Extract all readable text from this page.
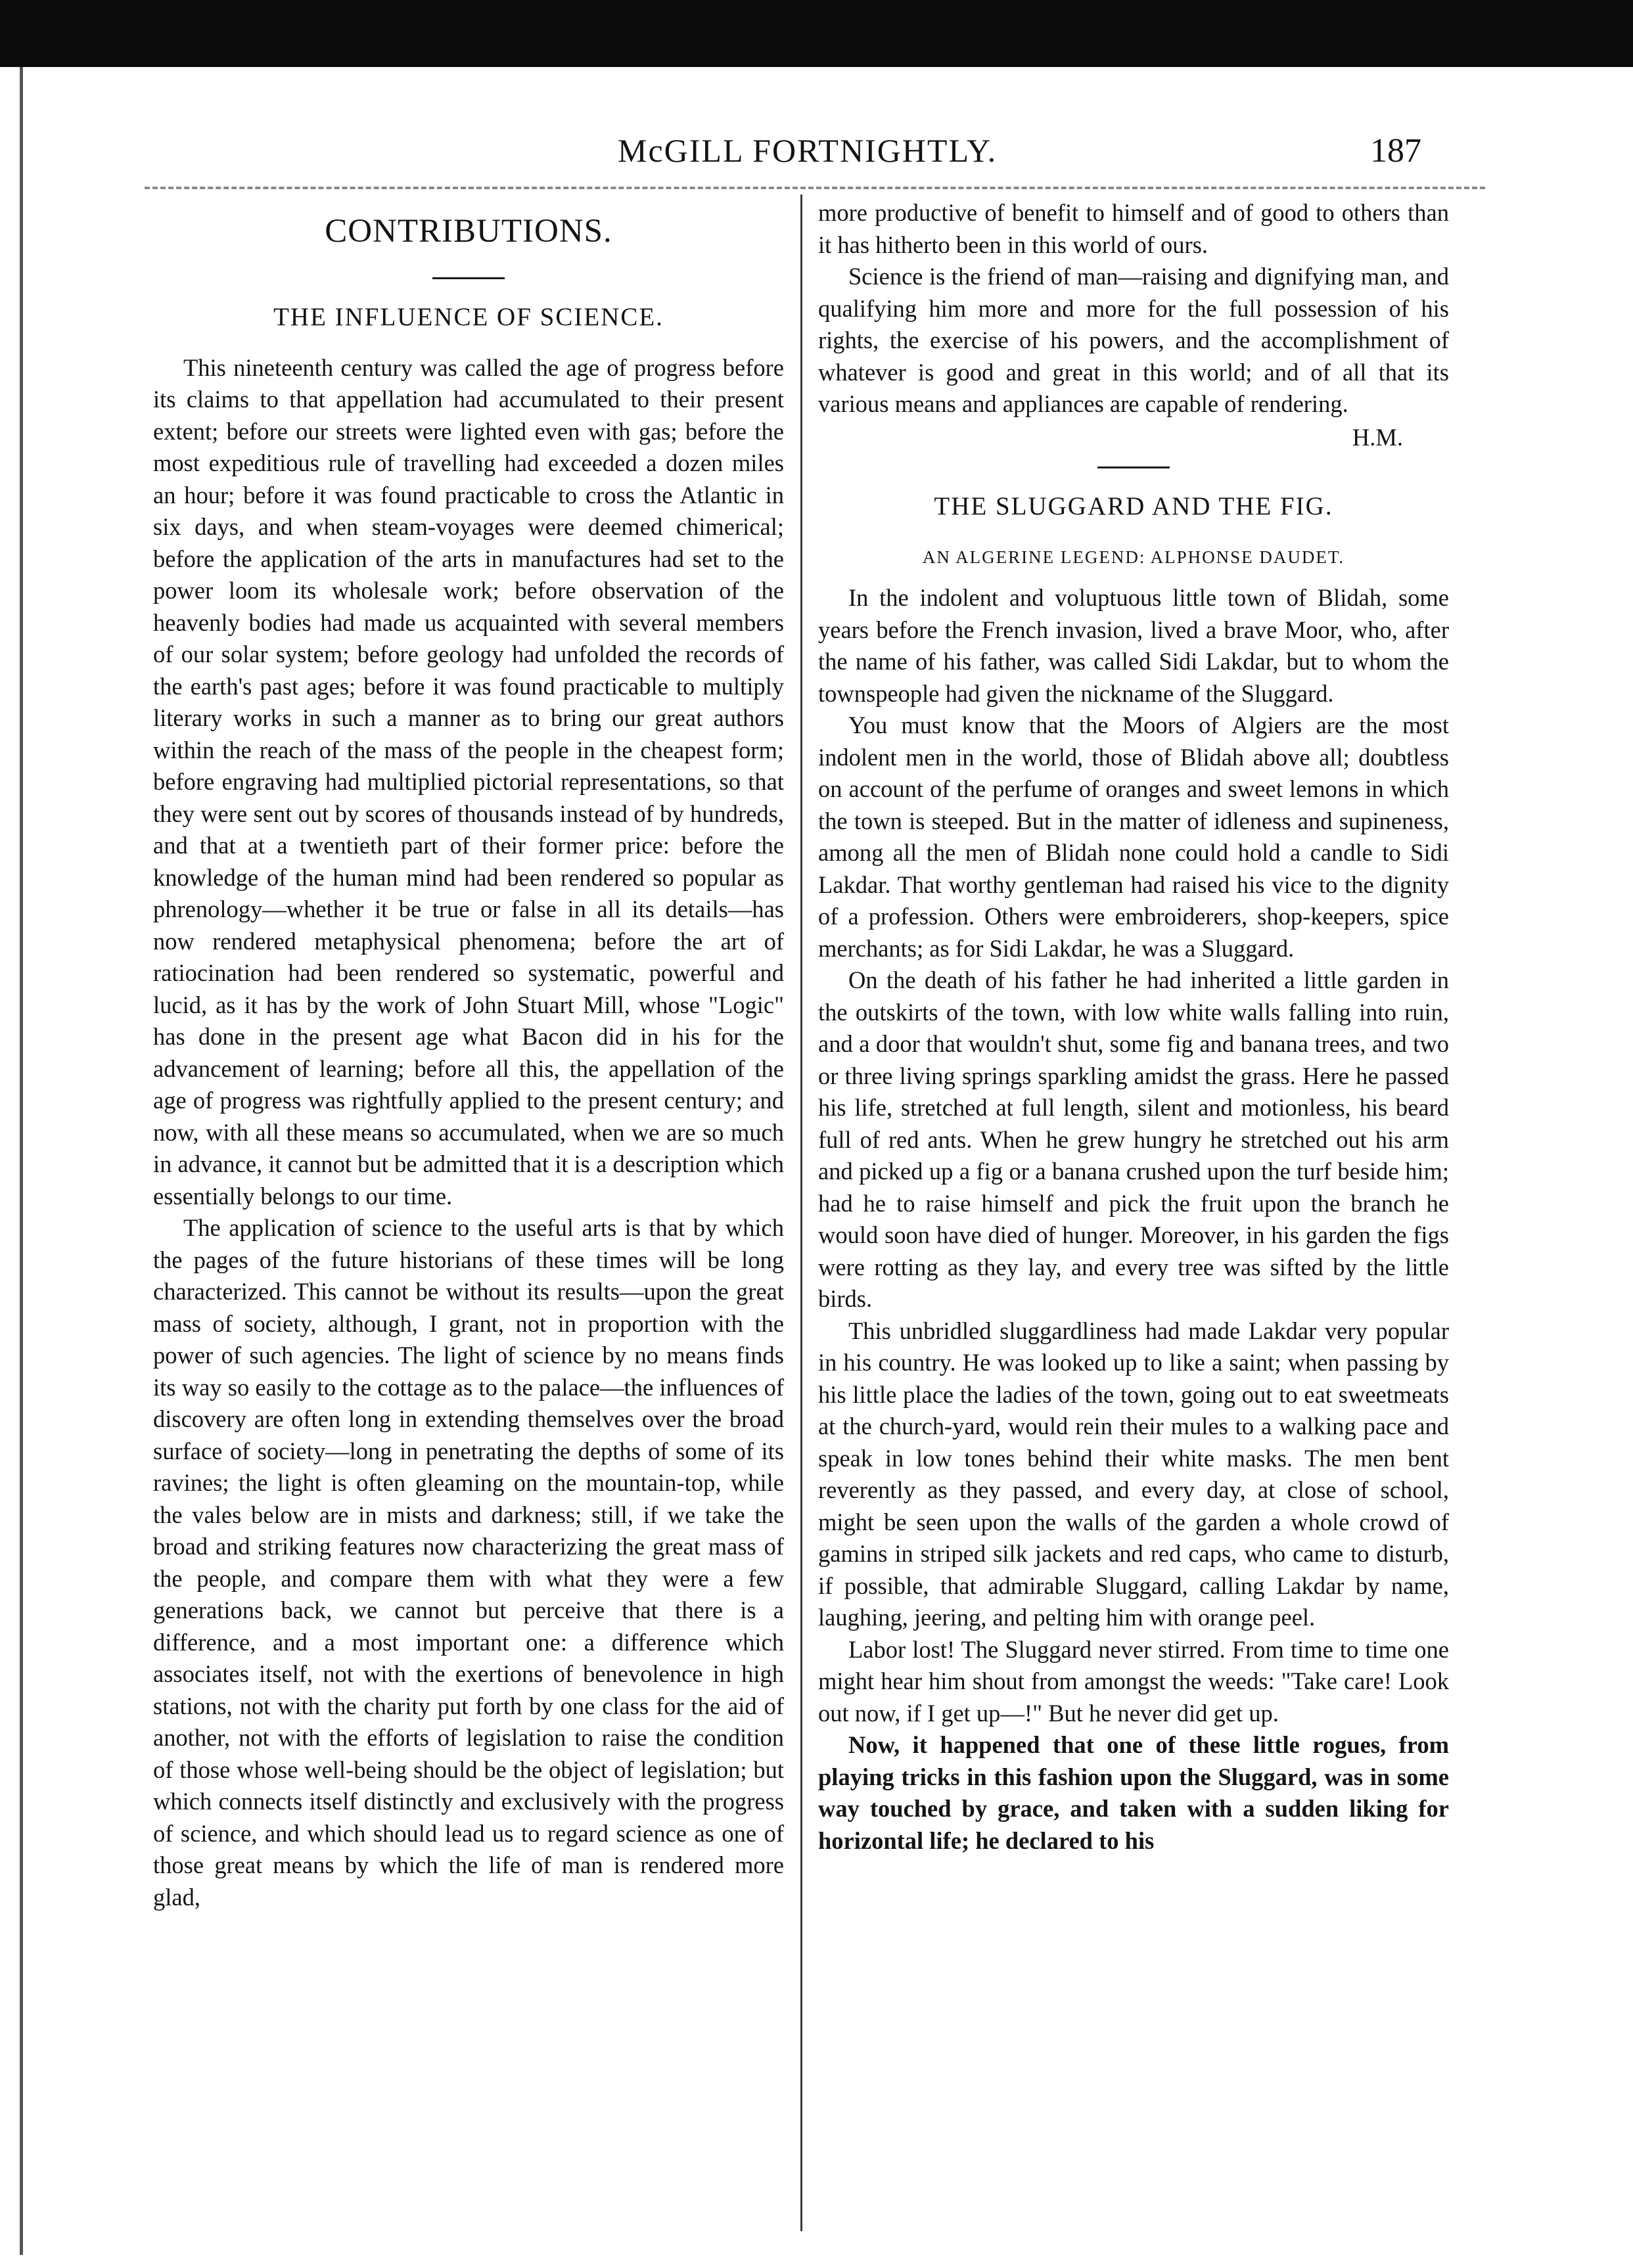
McGILL FORTNIGHTLY.	187
CONTRIBUTIONS.
THE INFLUENCE OF SCIENCE.

This nineteenth century was called the age of progress before its claims to that appellation had accumulated to their present extent; before our streets were lighted even with gas; before the most expeditious rule of travelling had exceeded a dozen miles an hour; before it was found practicable to cross the Atlantic in six days, and when steam-voyages were deemed chimerical; before the application of the arts in manufactures had set to the power loom its wholesale work; before observation of the heavenly bodies had made us acquainted with several members of our solar system; before geology had unfolded the records of the earth's past ages; before it was found practicable to multiply literary works in such a manner as to bring our great authors within the reach of the mass of the people in the cheapest form; before engraving had multiplied pictorial representations, so that they were sent out by scores of thousands instead of by hundreds, and that at a twentieth part of their former price: before the knowledge of the human mind had been rendered so popular as phrenology—whether it be true or false in all its details—has now rendered metaphysical phenomena; before the art of ratiocination had been rendered so systematic, powerful and lucid, as it has by the work of John Stuart Mill, whose "Logic" has done in the present age what Bacon did in his for the advancement of learning; before all this, the appellation of the age of progress was rightfully applied to the present century; and now, with all these means so accumulated, when we are so much in advance, it cannot but be admitted that it is a description which essentially belongs to our time.

The application of science to the useful arts is that by which the pages of the future historians of these times will be long characterized. This cannot be without its results—upon the great mass of society, although, I grant, not in proportion with the power of such agencies. The light of science by no means finds its way so easily to the cottage as to the palace—the influences of discovery are often long in extending themselves over the broad surface of society—long in penetrating the depths of some of its ravines; the light is often gleaming on the mountain-top, while the vales below are in mists and darkness; still, if we take the broad and striking features now characterizing the great mass of the people, and compare them with what they were a few generations back, we cannot but perceive that there is a difference, and a most important one: a difference which associates itself, not with the exertions of benevolence in high stations, not with the charity put forth by one class for the aid of another, not with the efforts of legislation to raise the condition of those whose well-being should be the object of legislation; but which connects itself distinctly and exclusively with the progress of science, and which should lead us to regard science as one of those great means by which the life of man is rendered more glad,

more productive of benefit to himself and of good to others than it has hitherto been in this world of ours.

Science is the friend of man—raising and dignifying man, and qualifying him more and more for the full possession of his rights, the exercise of his powers, and the accomplishment of whatever is good and great in this world; and of all that its various means and appliances are capable of rendering.

H.M.
THE SLUGGARD AND THE FIG.
AN ALGERINE LEGEND: ALPHONSE DAUDET.

In the indolent and voluptuous little town of Blidah, some years before the French invasion, lived a brave Moor, who, after the name of his father, was called Sidi Lakdar, but to whom the townspeople had given the nickname of the Sluggard.

You must know that the Moors of Algiers are the most indolent men in the world, those of Blidah above all; doubtless on account of the perfume of oranges and sweet lemons in which the town is steeped. But in the matter of idleness and supineness, among all the men of Blidah none could hold a candle to Sidi Lakdar. That worthy gentleman had raised his vice to the dignity of a profession. Others were embroiderers, shop-keepers, spice merchants; as for Sidi Lakdar, he was a Sluggard.

On the death of his father he had inherited a little garden in the outskirts of the town, with low white walls falling into ruin, and a door that wouldn't shut, some fig and banana trees, and two or three living springs sparkling amidst the grass. Here he passed his life, stretched at full length, silent and motionless, his beard full of red ants. When he grew hungry he stretched out his arm and picked up a fig or a banana crushed upon the turf beside him; had he to raise himself and pick the fruit upon the branch he would soon have died of hunger. Moreover, in his garden the figs were rotting as they lay, and every tree was sifted by the little birds.

This unbridled sluggardliness had made Lakdar very popular in his country. He was looked up to like a saint; when passing by his little place the ladies of the town, going out to eat sweetmeats at the church-yard, would rein their mules to a walking pace and speak in low tones behind their white masks. The men bent reverently as they passed, and every day, at close of school, might be seen upon the walls of the garden a whole crowd of gamins in striped silk jackets and red caps, who came to disturb, if possible, that admirable Sluggard, calling Lakdar by name, laughing, jeering, and pelting him with orange peel.

Labor lost! The Sluggard never stirred. From time to time one might hear him shout from amongst the weeds: "Take care! Look out now, if I get up—!" But he never did get up.

Now, it happened that one of these little rogues, from playing tricks in this fashion upon the Sluggard, was in some way touched by grace, and taken with a sudden liking for horizontal life; he declared to his
